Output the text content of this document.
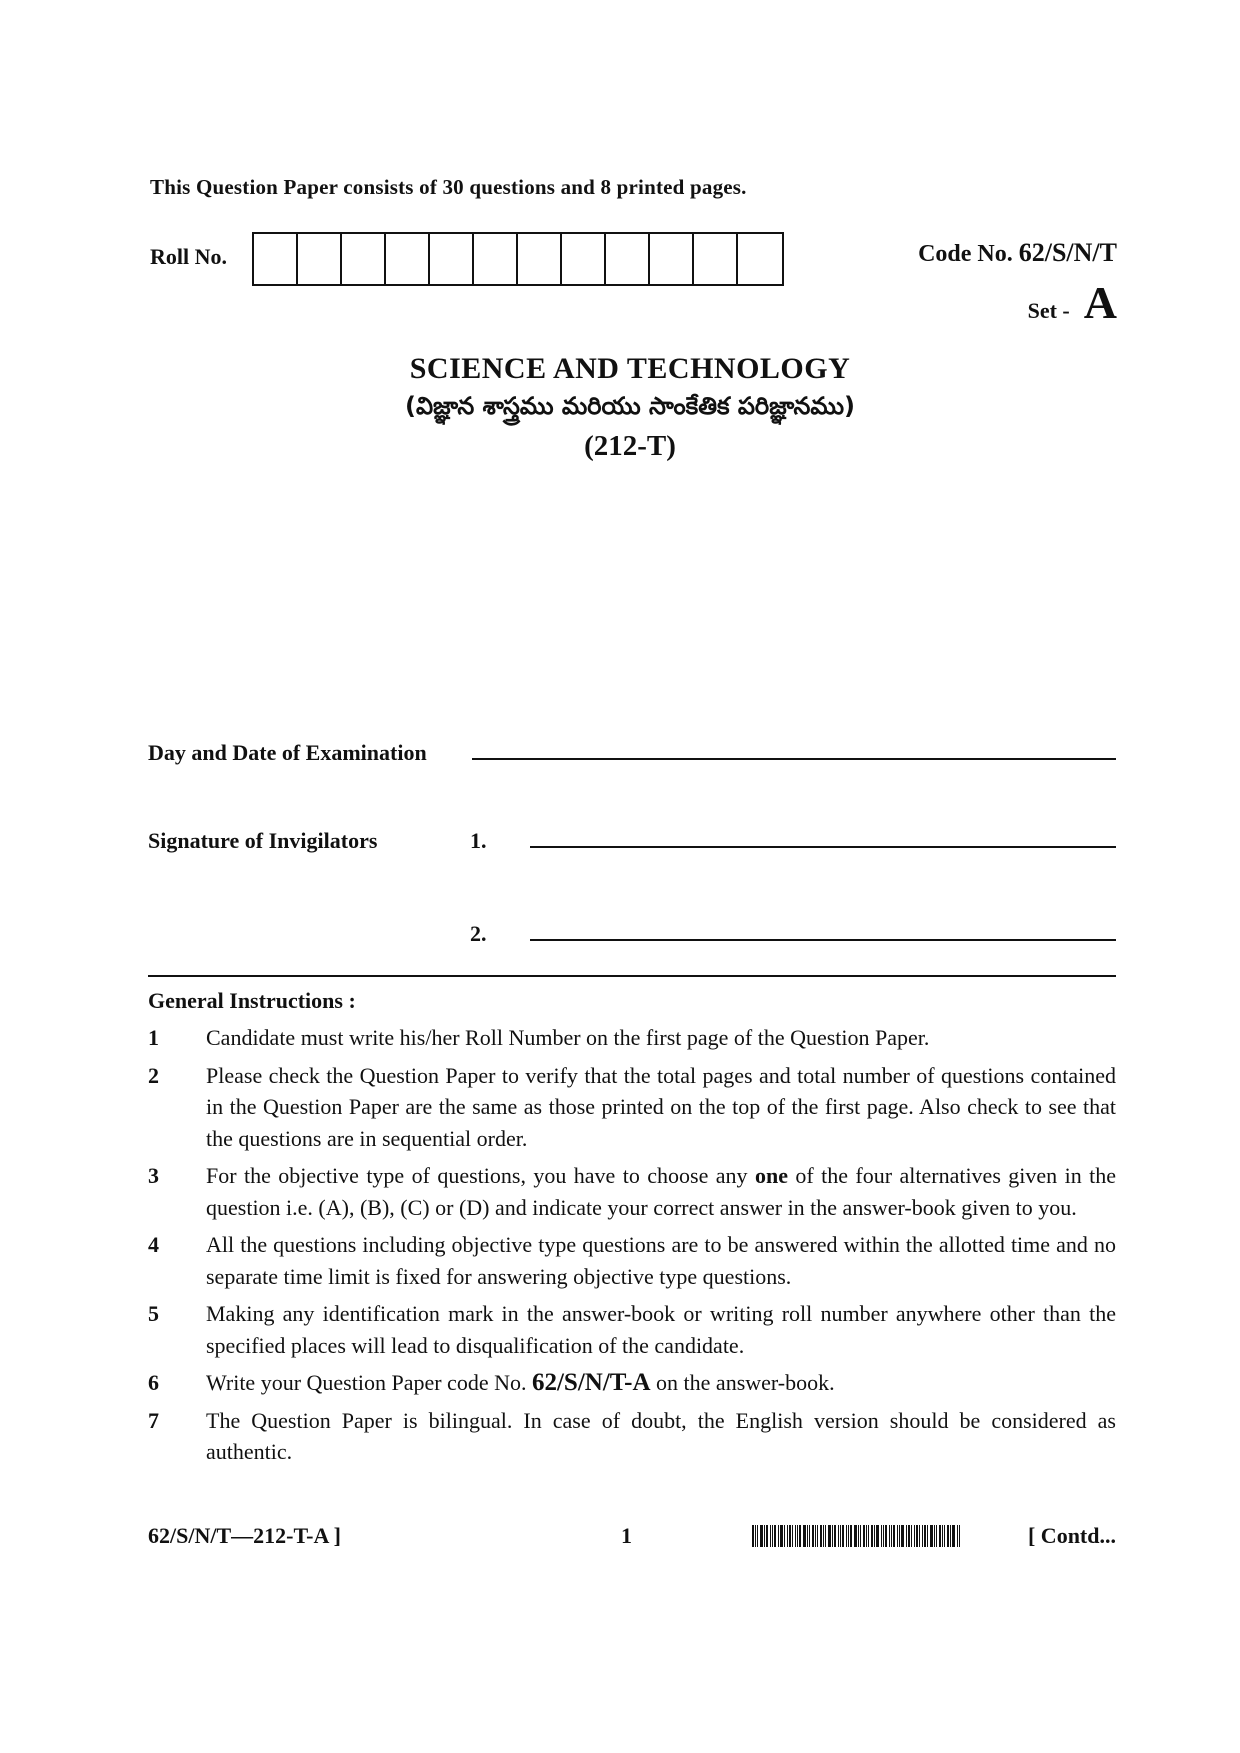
This Question Paper consists of 30 questions and 8 printed pages.
Roll No.	Code No. 62/S/N/T
Set - A
SCIENCE AND TECHNOLOGY
(విజ్ఞాన శాస్త్రము మరియు సాంకేతిక పరిజ్ఞానము)
(212-T)
Day and Date of Examination
Signature of Invigilators	1.
2.
General Instructions :
1	Candidate must write his/her Roll Number on the first page of the Question Paper.
2	Please check the Question Paper to verify that the total pages and total number of questions contained in the Question Paper are the same as those printed on the top of the first page. Also check to see that the questions are in sequential order.
3	For the objective type of questions, you have to choose any one of the four alternatives given in the question i.e. (A), (B), (C) or (D) and indicate your correct answer in the answer-book given to you.
4	All the questions including objective type questions are to be answered within the allotted time and no separate time limit is fixed for answering objective type questions.
5	Making any identification mark in the answer-book or writing roll number anywhere other than the specified places will lead to disqualification of the candidate.
6	Write your Question Paper code No. 62/S/N/T-A on the answer-book.
7	The Question Paper is bilingual. In case of doubt, the English version should be considered as authentic.
62/S/N/T—212-T-A ]	1	[ Contd...
